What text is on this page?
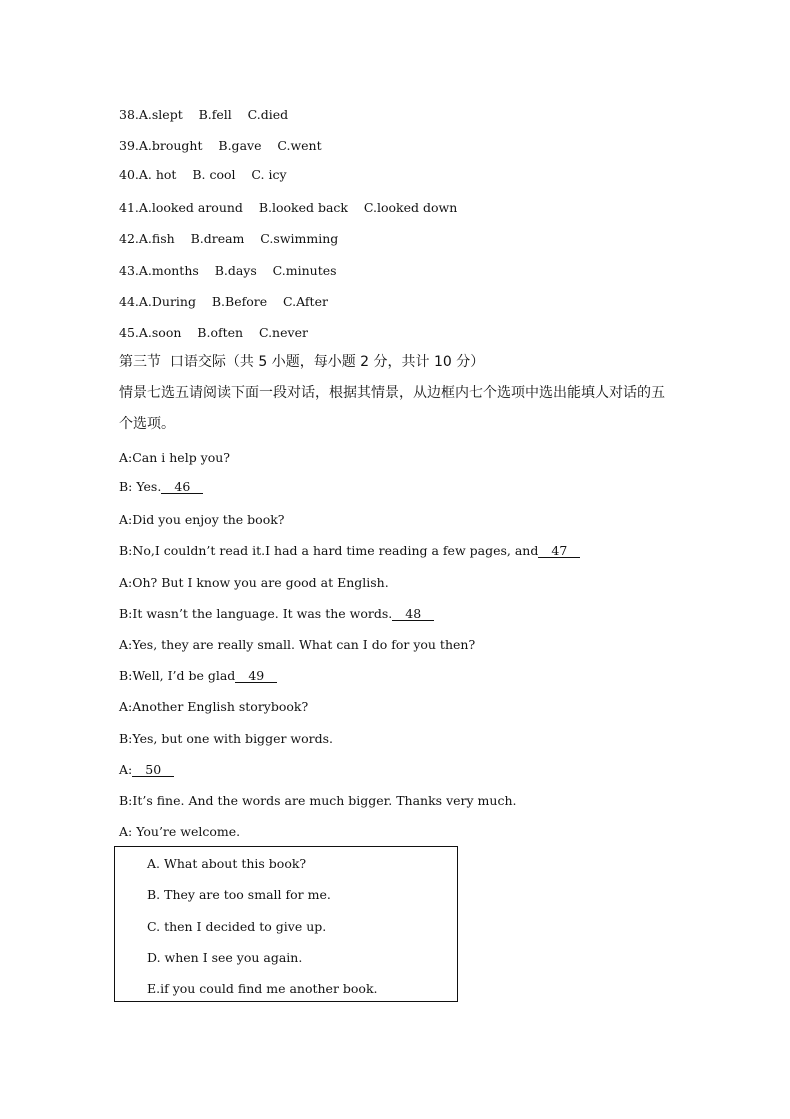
38.A.slept    B.fell    C.died
39.A.brought    B.gave    C.went
40.A. hot    B. cool    C. icy
41.A.looked around    B.looked back    C.looked down
42.A.fish    B.dream    C.swimming
43.A.months    B.days    C.minutes
44.A.During    B.Before    C.After
45.A.soon    B.often    C.never
第三节  口语交际（共 5 小题，每小题 2 分，共计 10 分）
情景七选五请阅读下面一段对话，根据其情景，从边框内七个选项中选出能填人对话的五
个选项。
A:Can i help you?
B: Yes. 46
A:Did you enjoy the book?
B:No,I couldn’t read it.I had a hard time reading a few pages, and 47
A:Oh? But I know you are good at English.
B:It wasn’t the language. It was the words. 48
A:Yes, they are really small. What can I do for you then?
B:Well, I’d be glad 49
A:Another English storybook?
B:Yes, but one with bigger words.
A: 50
B:It’s fine. And the words are much bigger. Thanks very much.
A: You’re welcome.
A. What about this book?
B. They are too small for me.
C. then I decided to give up.
D. when I see you again.
E.if you could find me another book.
